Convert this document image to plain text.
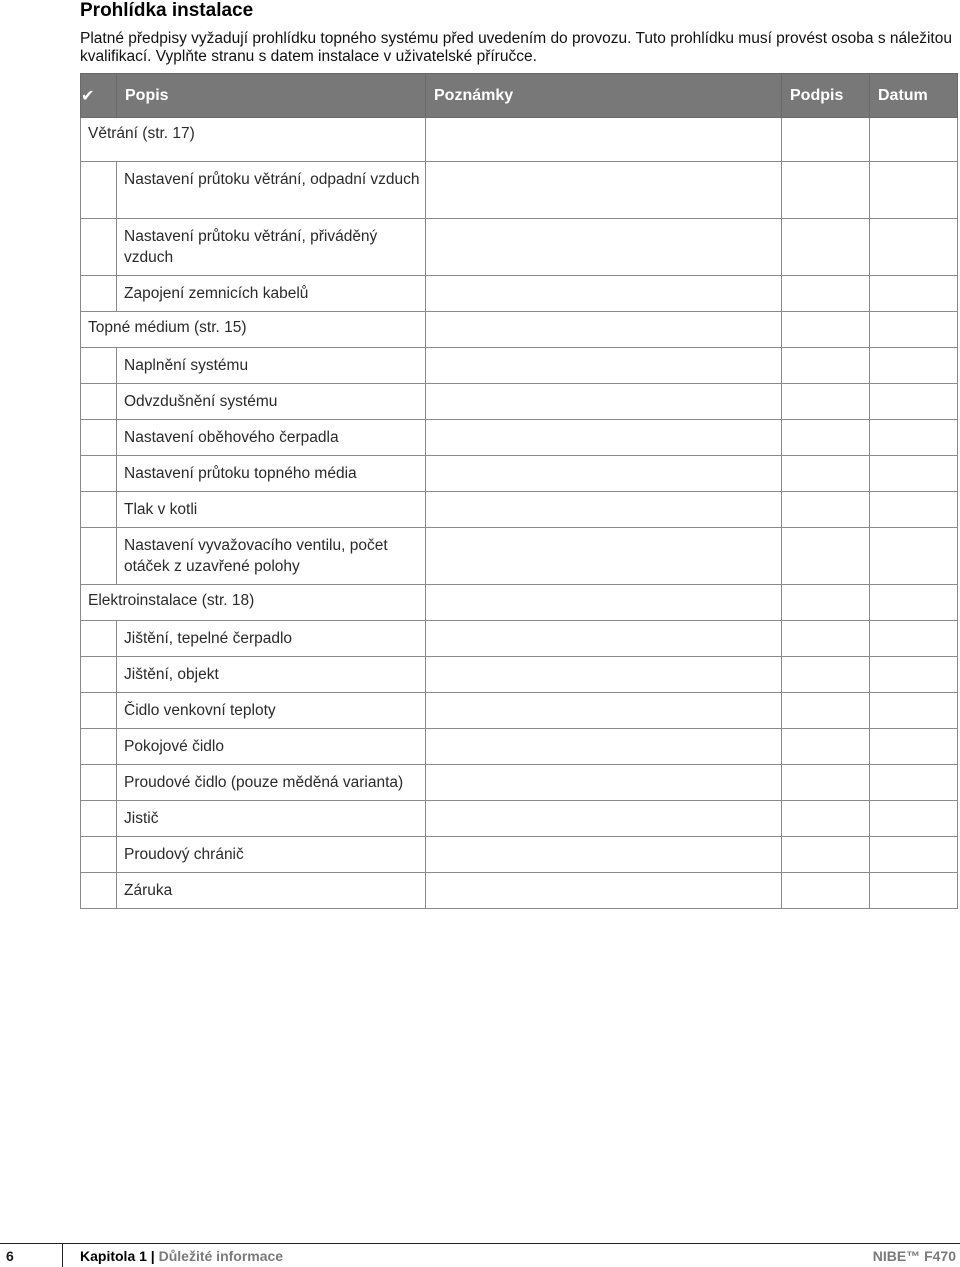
Prohlídka instalace
Platné předpisy vyžadují prohlídku topného systému před uvedením do provozu. Tuto prohlídku musí provést osoba s náležitou kvalifikací. Vyplňte stranu s datem instalace v uživatelské příručce.
✔	Popis	Poznámky	Podpis	Datum
Větrání (str. 17)				
	Nastavení průtoku větrání, odpadní vzduch			
	Nastavení průtoku větrání, přiváděný vzduch			
	Zapojení zemnicích kabelů			
Topné médium (str. 15)				
	Naplnění systému			
	Odvzdušnění systému			
	Nastavení oběhového čerpadla			
	Nastavení průtoku topného média			
	Tlak v kotli			
	Nastavení vyvažovacího ventilu, počet otáček z uzavřené polohy			
Elektroinstalace (str. 18)				
	Jištění, tepelné čerpadlo			
	Jištění, objekt			
	Čidlo venkovní teploty			
	Pokojové čidlo			
	Proudové čidlo (pouze měděná varianta)			
	Jistič			
	Proudový chránič			
	Záruka			
6	Kapitola 1 | Důležité informace	NIBE™ F470
